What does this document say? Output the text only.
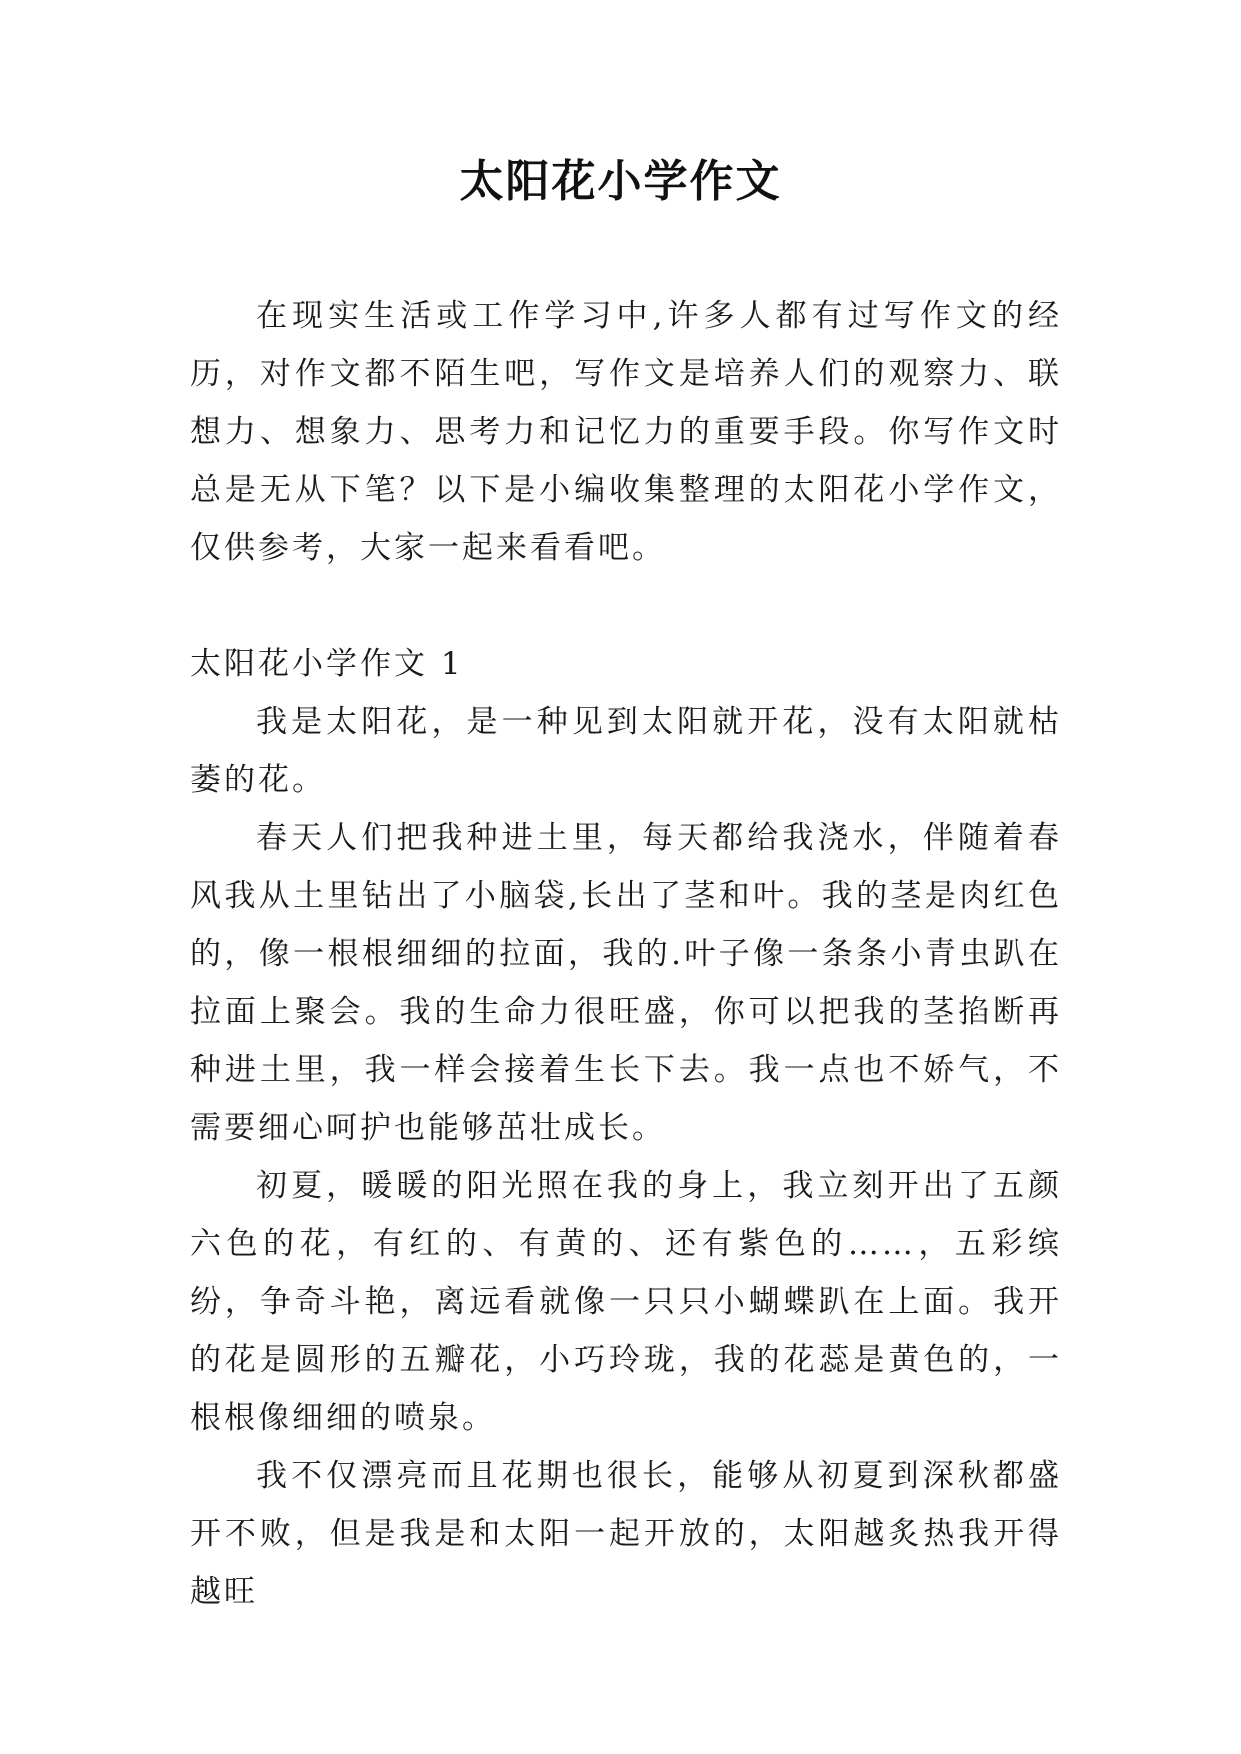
太阳花小学作文

在现实生活或工作学习中,许多人都有过写作文的经历，对作文都不陌生吧，写作文是培养人们的观察力、联想力、想象力、思考力和记忆力的重要手段。你写作文时总是无从下笔？以下是小编收集整理的太阳花小学作文，仅供参考，大家一起来看看吧。

太阳花小学作文 1

我是太阳花，是一种见到太阳就开花，没有太阳就枯萎的花。

春天人们把我种进土里，每天都给我浇水，伴随着春风我从土里钻出了小脑袋,长出了茎和叶。我的茎是肉红色的，像一根根细细的拉面，我的.叶子像一条条小青虫趴在拉面上聚会。我的生命力很旺盛，你可以把我的茎掐断再种进土里，我一样会接着生长下去。我一点也不娇气，不需要细心呵护也能够茁壮成长。

初夏，暖暖的阳光照在我的身上，我立刻开出了五颜六色的花，有红的、有黄的、还有紫色的……，五彩缤纷，争奇斗艳，离远看就像一只只小蝴蝶趴在上面。我开的花是圆形的五瓣花，小巧玲珑，我的花蕊是黄色的，一根根像细细的喷泉。

我不仅漂亮而且花期也很长，能够从初夏到深秋都盛开不败，但是我是和太阳一起开放的，太阳越炙热我开得越旺
